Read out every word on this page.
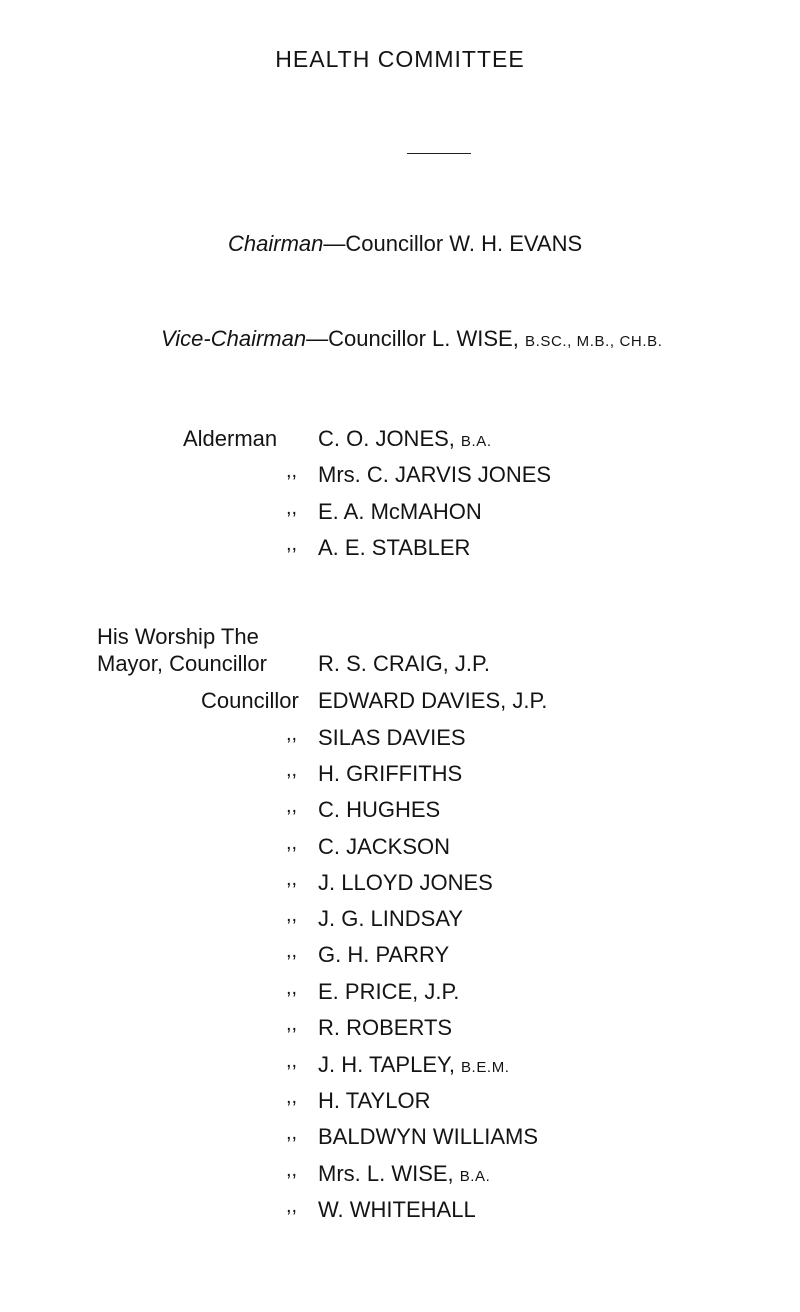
HEALTH COMMITTEE
Chairman—Councillor W. H. EVANS
Vice-Chairman—Councillor L. WISE, B.SC., M.B., CH.B.
Alderman C. O. JONES, B.A.
,, Mrs. C. JARVIS JONES
,, E. A. McMAHON
,, A. E. STABLER
His Worship The
Mayor, Councillor R. S. CRAIG, J.P.
Councillor EDWARD DAVIES, J.P.
,, SILAS DAVIES
,, H. GRIFFITHS
,, C. HUGHES
,, C. JACKSON
,, J. LLOYD JONES
,, J. G. LINDSAY
,, G. H. PARRY
,, E. PRICE, J.P.
,, R. ROBERTS
,, J. H. TAPLEY, B.E.M.
,, H. TAYLOR
,, BALDWYN WILLIAMS
,, Mrs. L. WISE, B.A.
,, W. WHITEHALL
